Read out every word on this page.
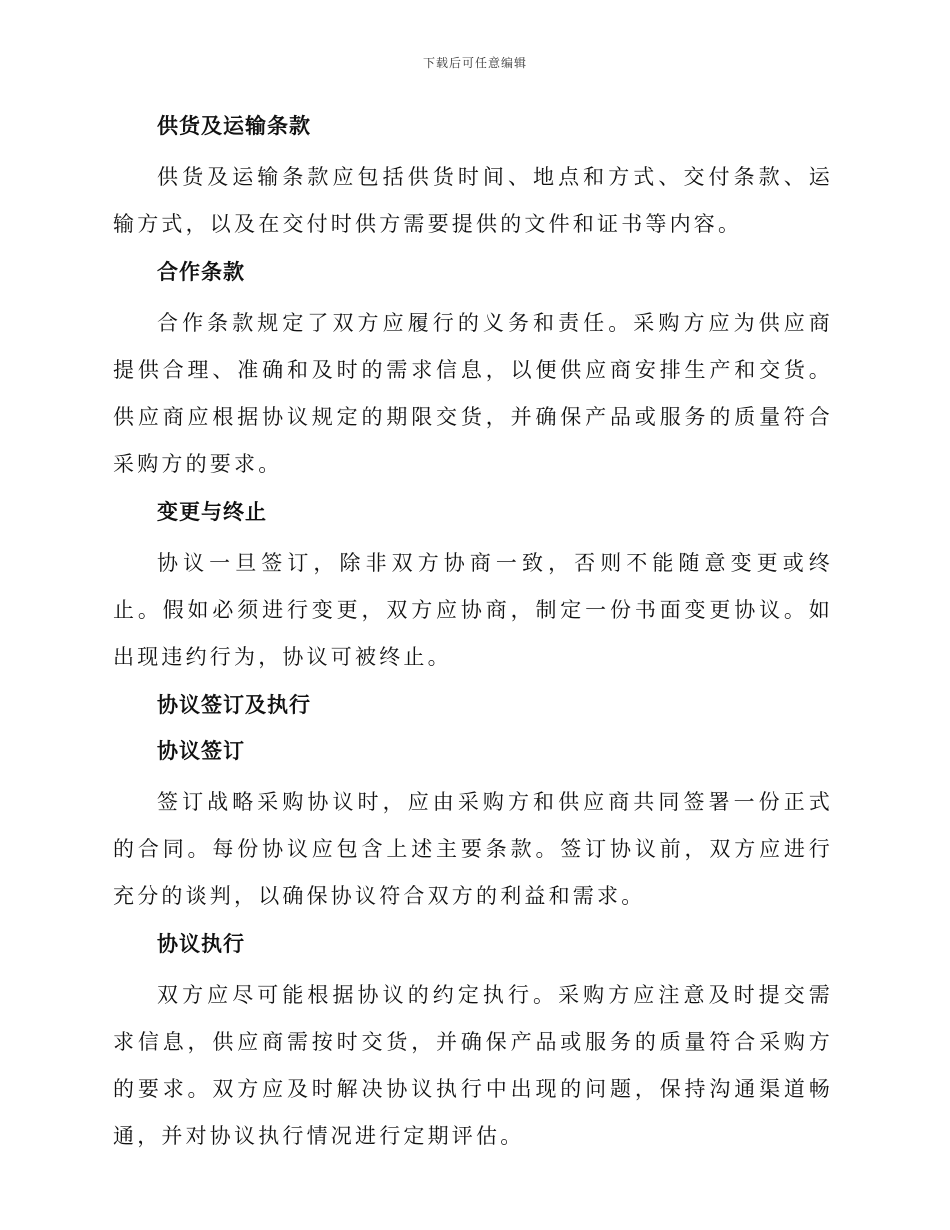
下载后可任意编辑
供货及运输条款
供货及运输条款应包括供货时间、地点和方式、交付条款、运输方式，以及在交付时供方需要提供的文件和证书等内容。
合作条款
合作条款规定了双方应履行的义务和责任。采购方应为供应商提供合理、准确和及时的需求信息，以便供应商安排生产和交货。供应商应根据协议规定的期限交货，并确保产品或服务的质量符合采购方的要求。
变更与终止
协议一旦签订，除非双方协商一致，否则不能随意变更或终止。假如必须进行变更，双方应协商，制定一份书面变更协议。如出现违约行为，协议可被终止。
协议签订及执行
协议签订
签订战略采购协议时，应由采购方和供应商共同签署一份正式的合同。每份协议应包含上述主要条款。签订协议前，双方应进行充分的谈判，以确保协议符合双方的利益和需求。
协议执行
双方应尽可能根据协议的约定执行。采购方应注意及时提交需求信息，供应商需按时交货，并确保产品或服务的质量符合采购方的要求。双方应及时解决协议执行中出现的问题，保持沟通渠道畅通，并对协议执行情况进行定期评估。
